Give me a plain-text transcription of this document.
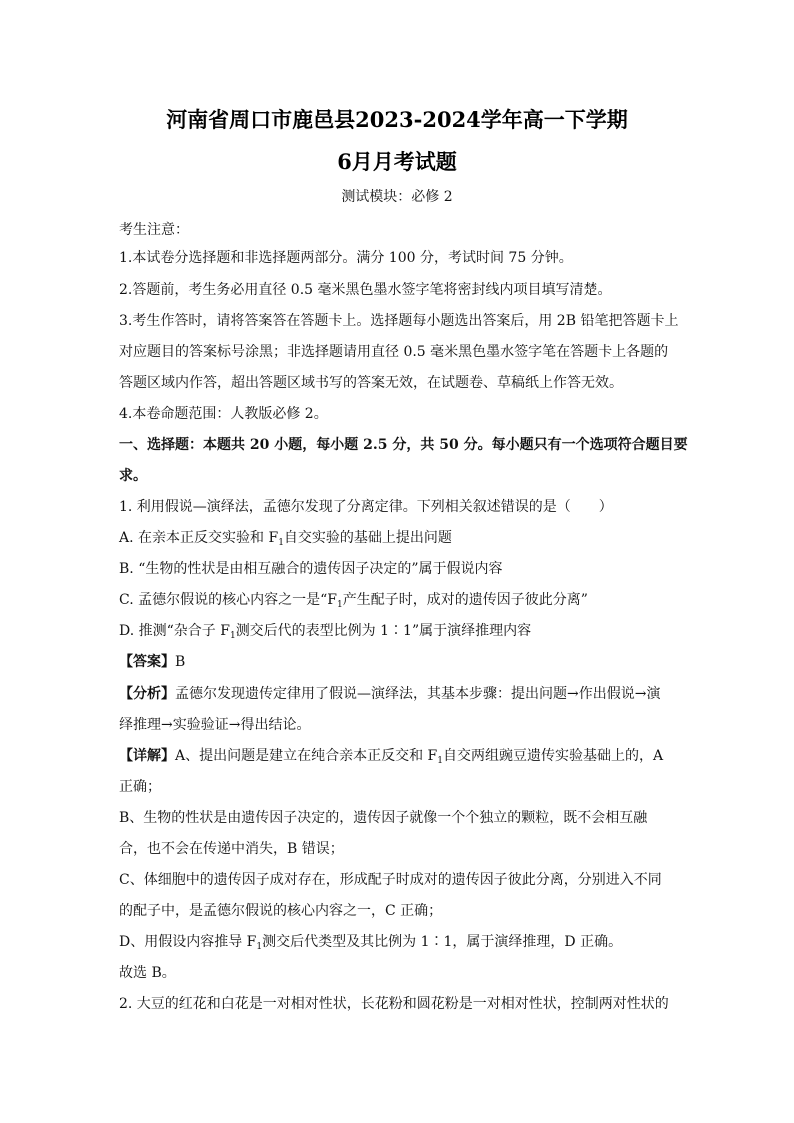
河南省周口市鹿邑县2023-2024学年高一下学期
6月月考试题
测试模块：必修 2
考生注意：
1.本试卷分选择题和非选择题两部分。满分 100 分，考试时间 75 分钟。
2.答题前，考生务必用直径 0.5 毫米黑色墨水签字笔将密封线内项目填写清楚。
3.考生作答时，请将答案答在答题卡上。选择题每小题选出答案后，用 2B 铅笔把答题卡上
对应题目的答案标号涂黑；非选择题请用直径 0.5 毫米黑色墨水签字笔在答题卡上各题的
答题区域内作答，超出答题区域书写的答案无效，在试题卷、草稿纸上作答无效。
4.本卷命题范围：人教版必修 2。
一、选择题：本题共 20 小题，每小题 2.5 分，共 50 分。每小题只有一个选项符合题目要
求。
1. 利用假说—演绎法，孟德尔发现了分离定律。下列相关叙述错误的是（　　）
A. 在亲本正反交实验和 $F_1$自交实验的基础上提出问题
B. “生物的性状是由相互融合的遗传因子决定的”属于假说内容
C. 孟德尔假说的核心内容之一是“$F_1$产生配子时，成对的遗传因子彼此分离”
D. 推测“杂合子 $F_1$测交后代的表型比例为 1∶1”属于演绎推理内容
【答案】B
【分析】孟德尔发现遗传定律用了假说—演绎法，其基本步骤：提出问题→作出假说→演
绎推理→实验验证→得出结论。
【详解】A、提出问题是建立在纯合亲本正反交和 $F_1$自交两组豌豆遗传实验基础上的，A
正确；
B、生物的性状是由遗传因子决定的，遗传因子就像一个个独立的颗粒，既不会相互融
合，也不会在传递中消失，B 错误；
C、体细胞中的遗传因子成对存在，形成配子时成对的遗传因子彼此分离，分别进入不同
的配子中，是孟德尔假说的核心内容之一，C 正确；
D、用假设内容推导 $F_1$测交后代类型及其比例为 1∶1，属于演绎推理，D 正确。
故选 B。
2. 大豆的红花和白花是一对相对性状，长花粉和圆花粉是一对相对性状，控制两对性状的
